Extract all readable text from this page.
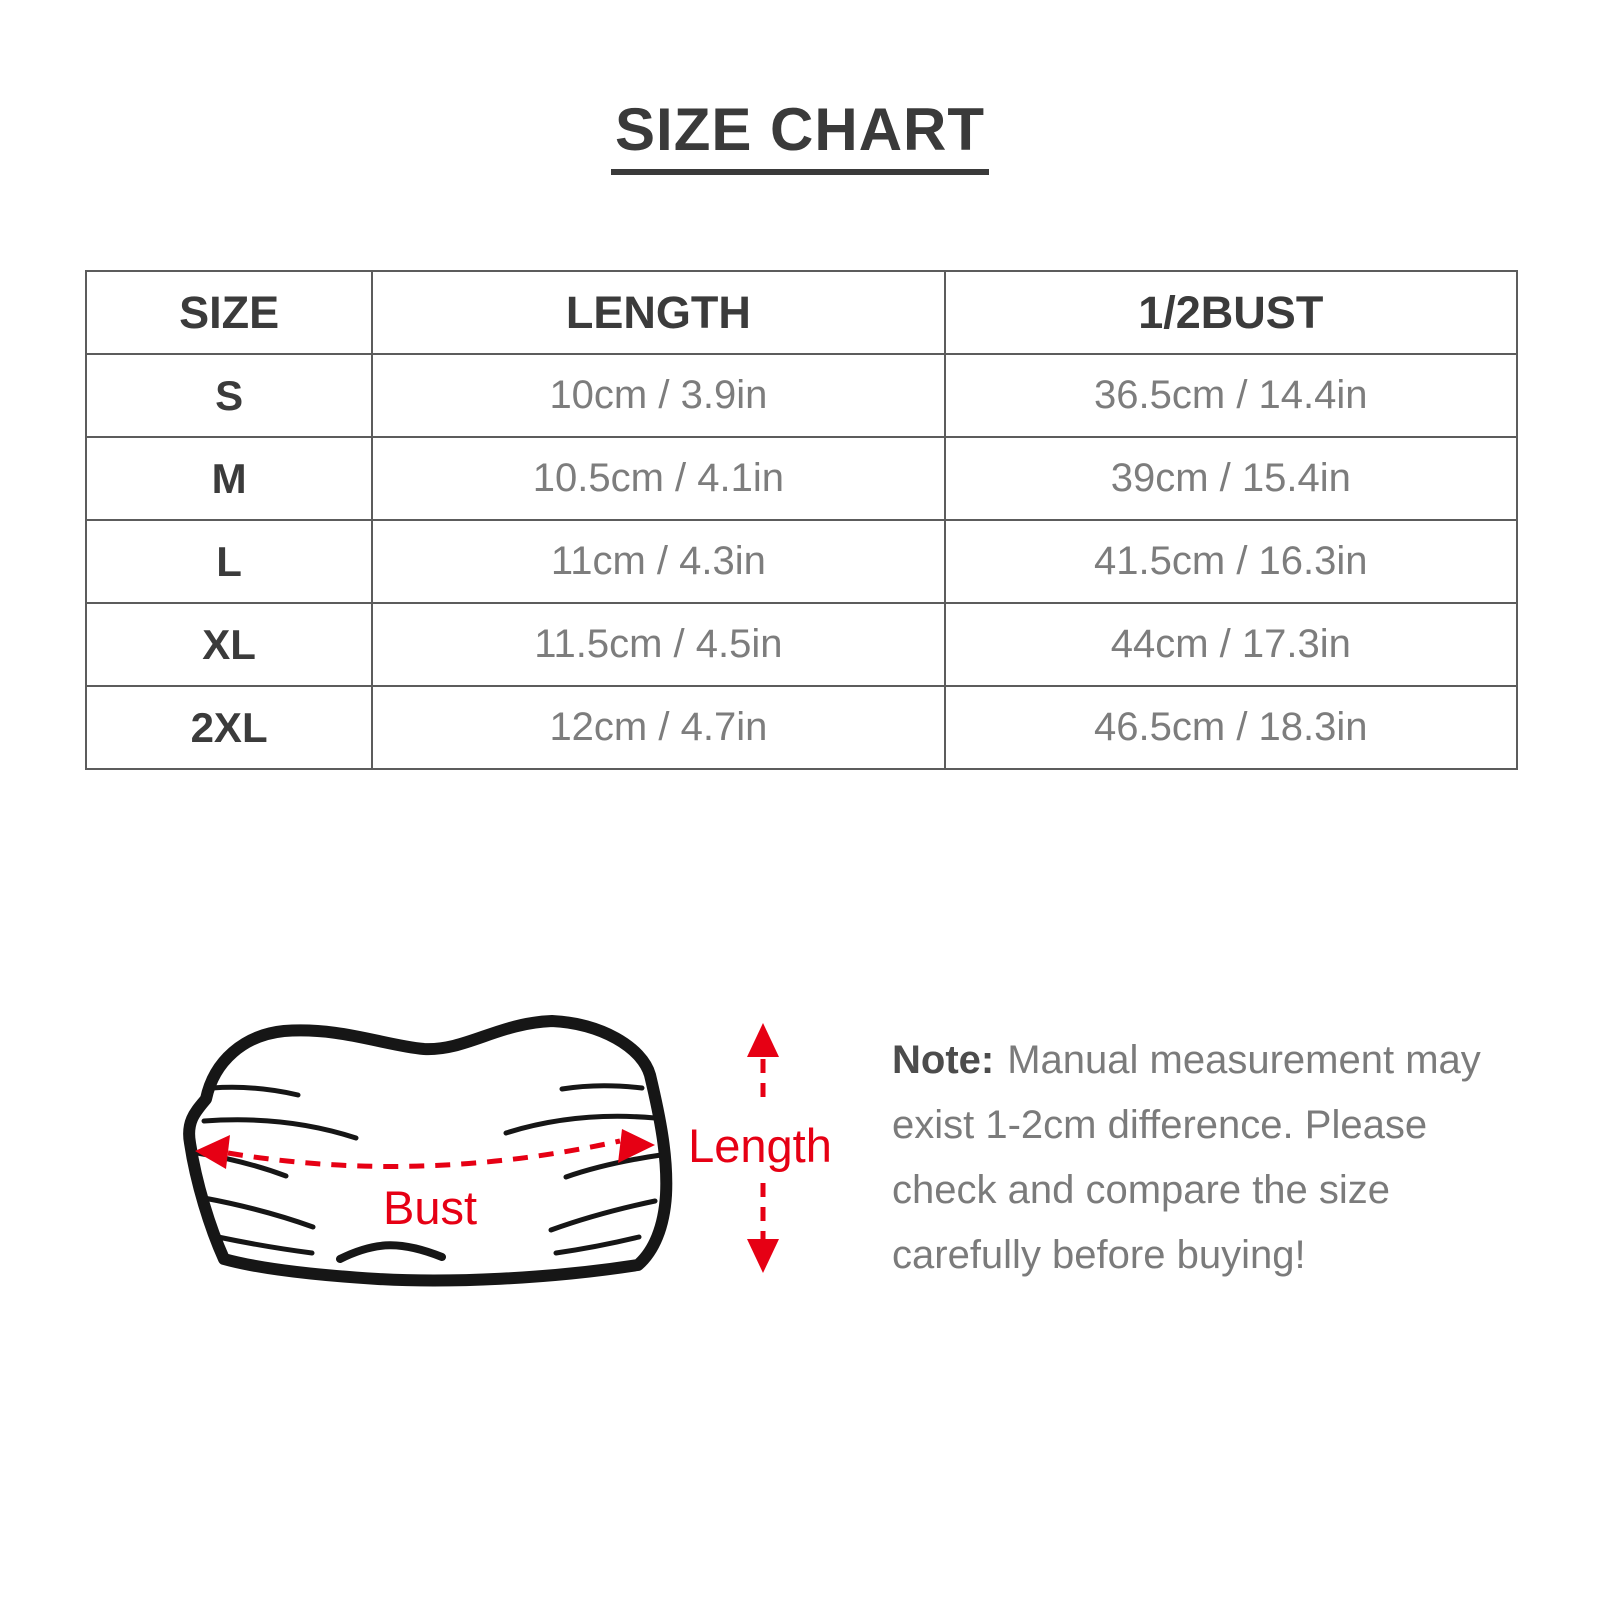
SIZE CHART
SIZE	LENGTH	1/2BUST
S	10cm / 3.9in	36.5cm / 14.4in
M	10.5cm / 4.1in	39cm / 15.4in
L	11cm / 4.3in	41.5cm / 16.3in
XL	11.5cm / 4.5in	44cm / 17.3in
2XL	12cm / 4.7in	46.5cm / 18.3in
Bust
Length
Note: Manual measurement may
exist 1-2cm difference. Please
check and compare the size
carefully before buying!
